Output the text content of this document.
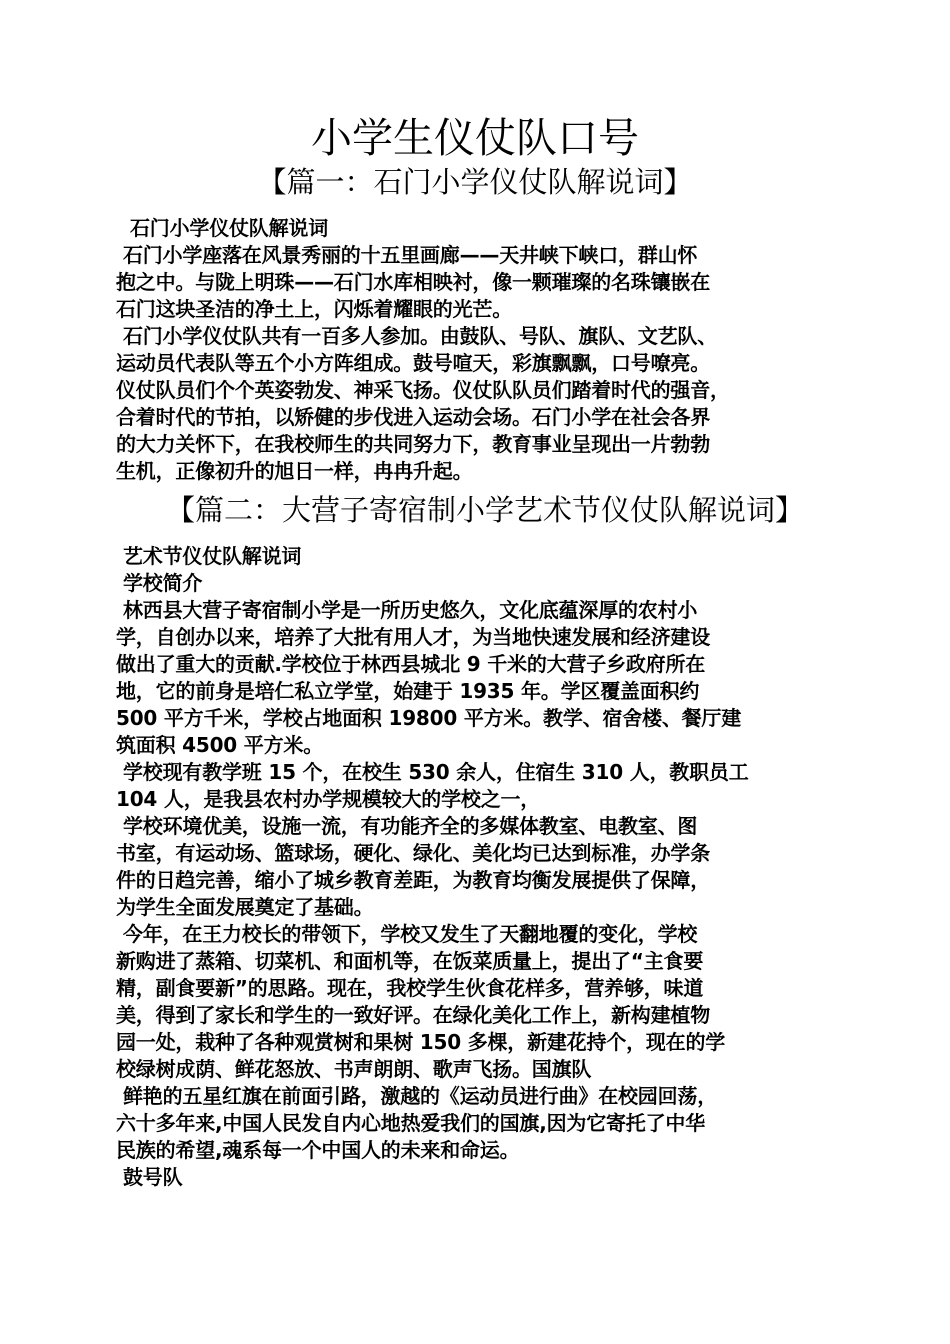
小学生仪仗队口号
【篇一：石门小学仪仗队解说词】
石门小学仪仗队解说词
石门小学座落在风景秀丽的十五里画廊——天井峡下峡口，群山怀
抱之中。与陇上明珠——石门水库相映衬，像一颗璀璨的名珠镶嵌在
石门这块圣洁的净土上，闪烁着耀眼的光芒。
石门小学仪仗队共有一百多人参加。由鼓队、号队、旗队、文艺队、
运动员代表队等五个小方阵组成。鼓号喧天，彩旗飘飘，口号嘹亮。
仪仗队员们个个英姿勃发、神采飞扬。仪仗队队员们踏着时代的强音，
合着时代的节拍，以矫健的步伐进入运动会场。石门小学在社会各界
的大力关怀下，在我校师生的共同努力下，教育事业呈现出一片勃勃
生机，正像初升的旭日一样，冉冉升起。
【篇二：大营子寄宿制小学艺术节仪仗队解说词】
艺术节仪仗队解说词
学校简介
林西县大营子寄宿制小学是一所历史悠久，文化底蕴深厚的农村小
学，自创办以来，培养了大批有用人才，为当地快速发展和经济建设
做出了重大的贡献.学校位于林西县城北 9 千米的大营子乡政府所在
地，它的前身是培仁私立学堂，始建于 1935 年。学区覆盖面积约
500 平方千米，学校占地面积 19800 平方米。教学、宿舍楼、餐厅建
筑面积 4500 平方米。
学校现有教学班 15 个，在校生 530 余人，住宿生 310 人，教职员工
104 人，是我县农村办学规模较大的学校之一，
学校环境优美，设施一流，有功能齐全的多媒体教室、电教室、图
书室，有运动场、篮球场，硬化、绿化、美化均已达到标准，办学条
件的日趋完善，缩小了城乡教育差距，为教育均衡发展提供了保障，
为学生全面发展奠定了基础。
今年，在王力校长的带领下，学校又发生了天翻地覆的变化，学校
新购进了蒸箱、切菜机、和面机等，在饭菜质量上，提出了“主食要
精，副食要新”的思路。现在，我校学生伙食花样多，营养够，味道
美，得到了家长和学生的一致好评。在绿化美化工作上，新构建植物
园一处，栽种了各种观赏树和果树 150 多棵，新建花持个，现在的学
校绿树成荫、鲜花怒放、书声朗朗、歌声飞扬。国旗队
鲜艳的五星红旗在前面引路，激越的《运动员进行曲》在校园回荡，
六十多年来,中国人民发自内心地热爱我们的国旗,因为它寄托了中华
民族的希望,魂系每一个中国人的未来和命运。
鼓号队
